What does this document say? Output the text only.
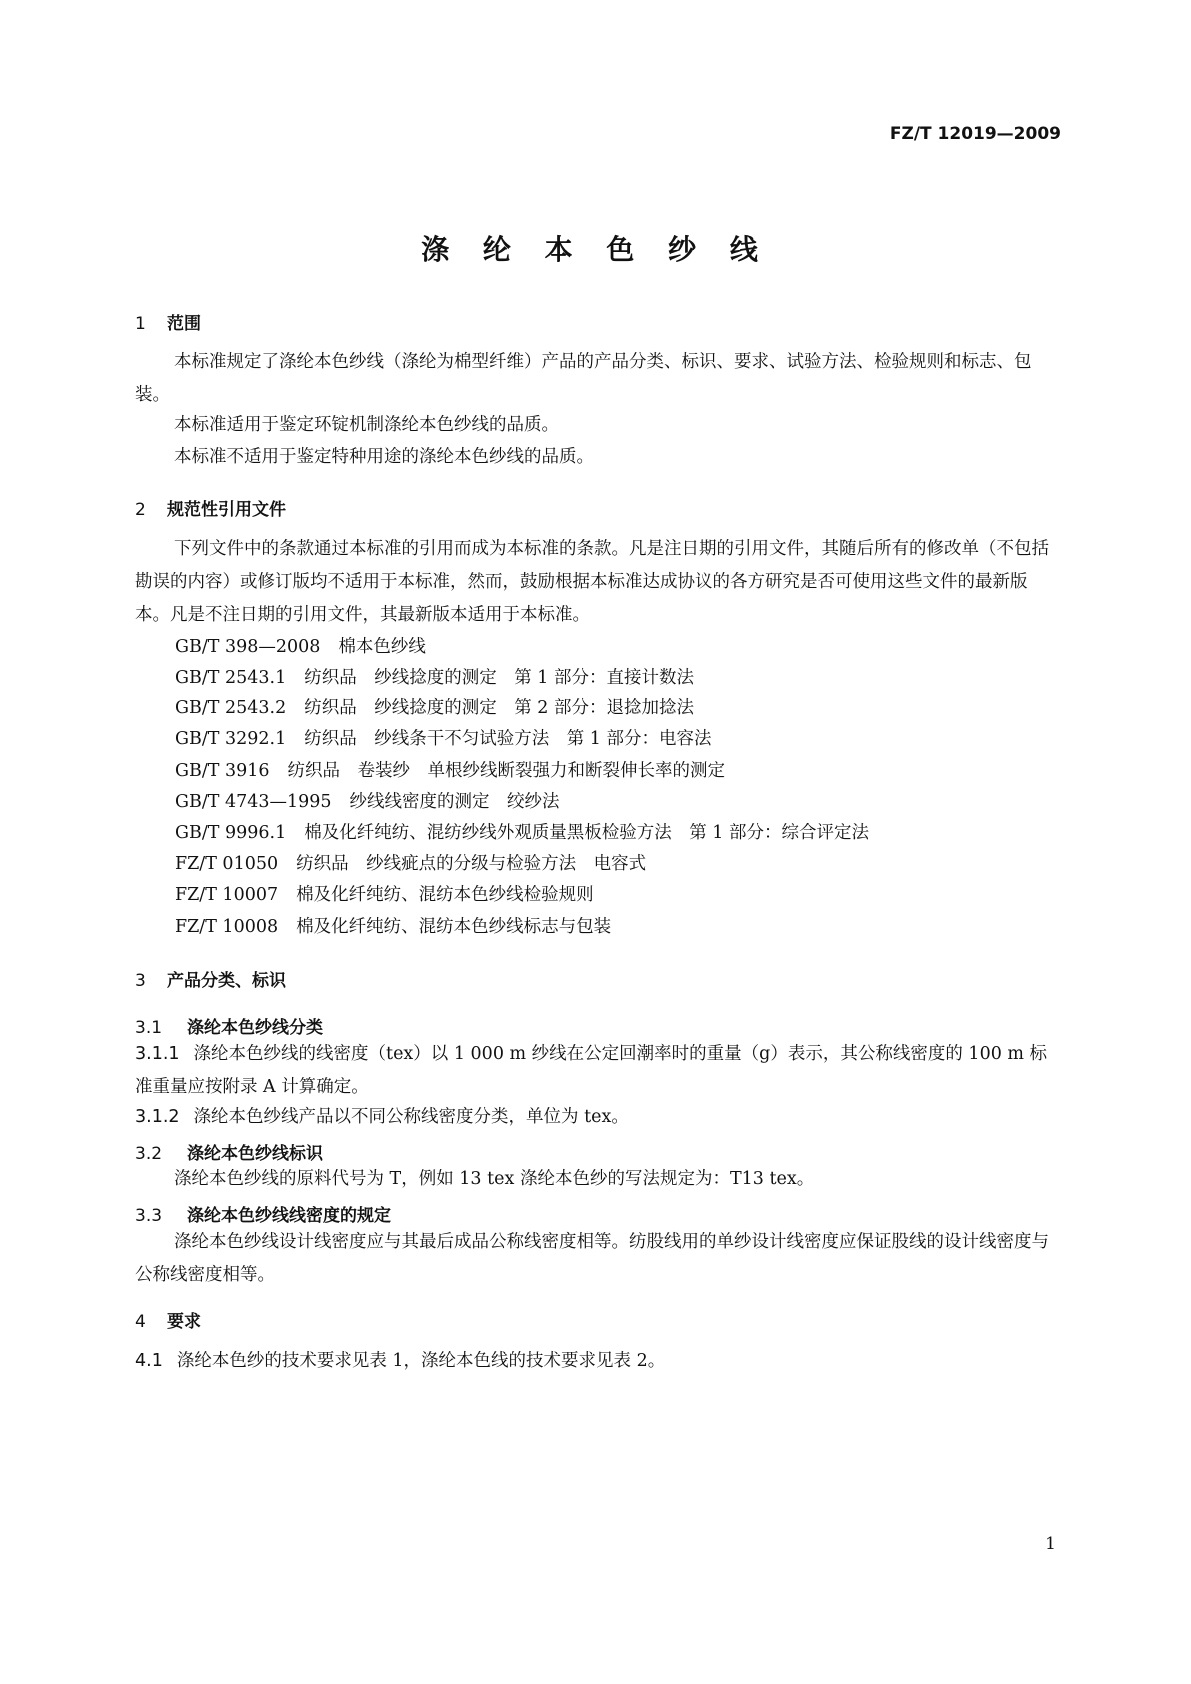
FZ/T 12019—2009
涤 纶 本 色 纱 线
1 范围
本标准规定了涤纶本色纱线（涤纶为棉型纤维）产品的产品分类、标识、要求、试验方法、检验规则和标志、包装。
本标准适用于鉴定环锭机制涤纶本色纱线的品质。
本标准不适用于鉴定特种用途的涤纶本色纱线的品质。
2 规范性引用文件
下列文件中的条款通过本标准的引用而成为本标准的条款。凡是注日期的引用文件，其随后所有的修改单（不包括勘误的内容）或修订版均不适用于本标准，然而，鼓励根据本标准达成协议的各方研究是否可使用这些文件的最新版本。凡是不注日期的引用文件，其最新版本适用于本标准。
GB/T 398—2008 棉本色纱线
GB/T 2543.1 纺织品　纱线捻度的测定　第 1 部分：直接计数法
GB/T 2543.2 纺织品　纱线捻度的测定　第 2 部分：退捻加捻法
GB/T 3292.1 纺织品　纱线条干不匀试验方法　第 1 部分：电容法
GB/T 3916 纺织品　卷装纱　单根纱线断裂强力和断裂伸长率的测定
GB/T 4743—1995 纱线线密度的测定　绞纱法
GB/T 9996.1 棉及化纤纯纺、混纺纱线外观质量黑板检验方法　第 1 部分：综合评定法
FZ/T 01050 纺织品　纱线疵点的分级与检验方法　电容式
FZ/T 10007 棉及化纤纯纺、混纺本色纱线检验规则
FZ/T 10008 棉及化纤纯纺、混纺本色纱线标志与包装
3 产品分类、标识
3.1 涤纶本色纱线分类
3.1.1 涤纶本色纱线的线密度（tex）以 1 000 m 纱线在公定回潮率时的重量（g）表示，其公称线密度的 100 m 标准重量应按附录 A 计算确定。
3.1.2 涤纶本色纱线产品以不同公称线密度分类，单位为 tex。
3.2 涤纶本色纱线标识
涤纶本色纱线的原料代号为 T，例如 13 tex 涤纶本色纱的写法规定为：T13 tex。
3.3 涤纶本色纱线线密度的规定
涤纶本色纱线设计线密度应与其最后成品公称线密度相等。纺股线用的单纱设计线密度应保证股线的设计线密度与公称线密度相等。
4 要求
4.1 涤纶本色纱的技术要求见表 1，涤纶本色线的技术要求见表 2。
1
